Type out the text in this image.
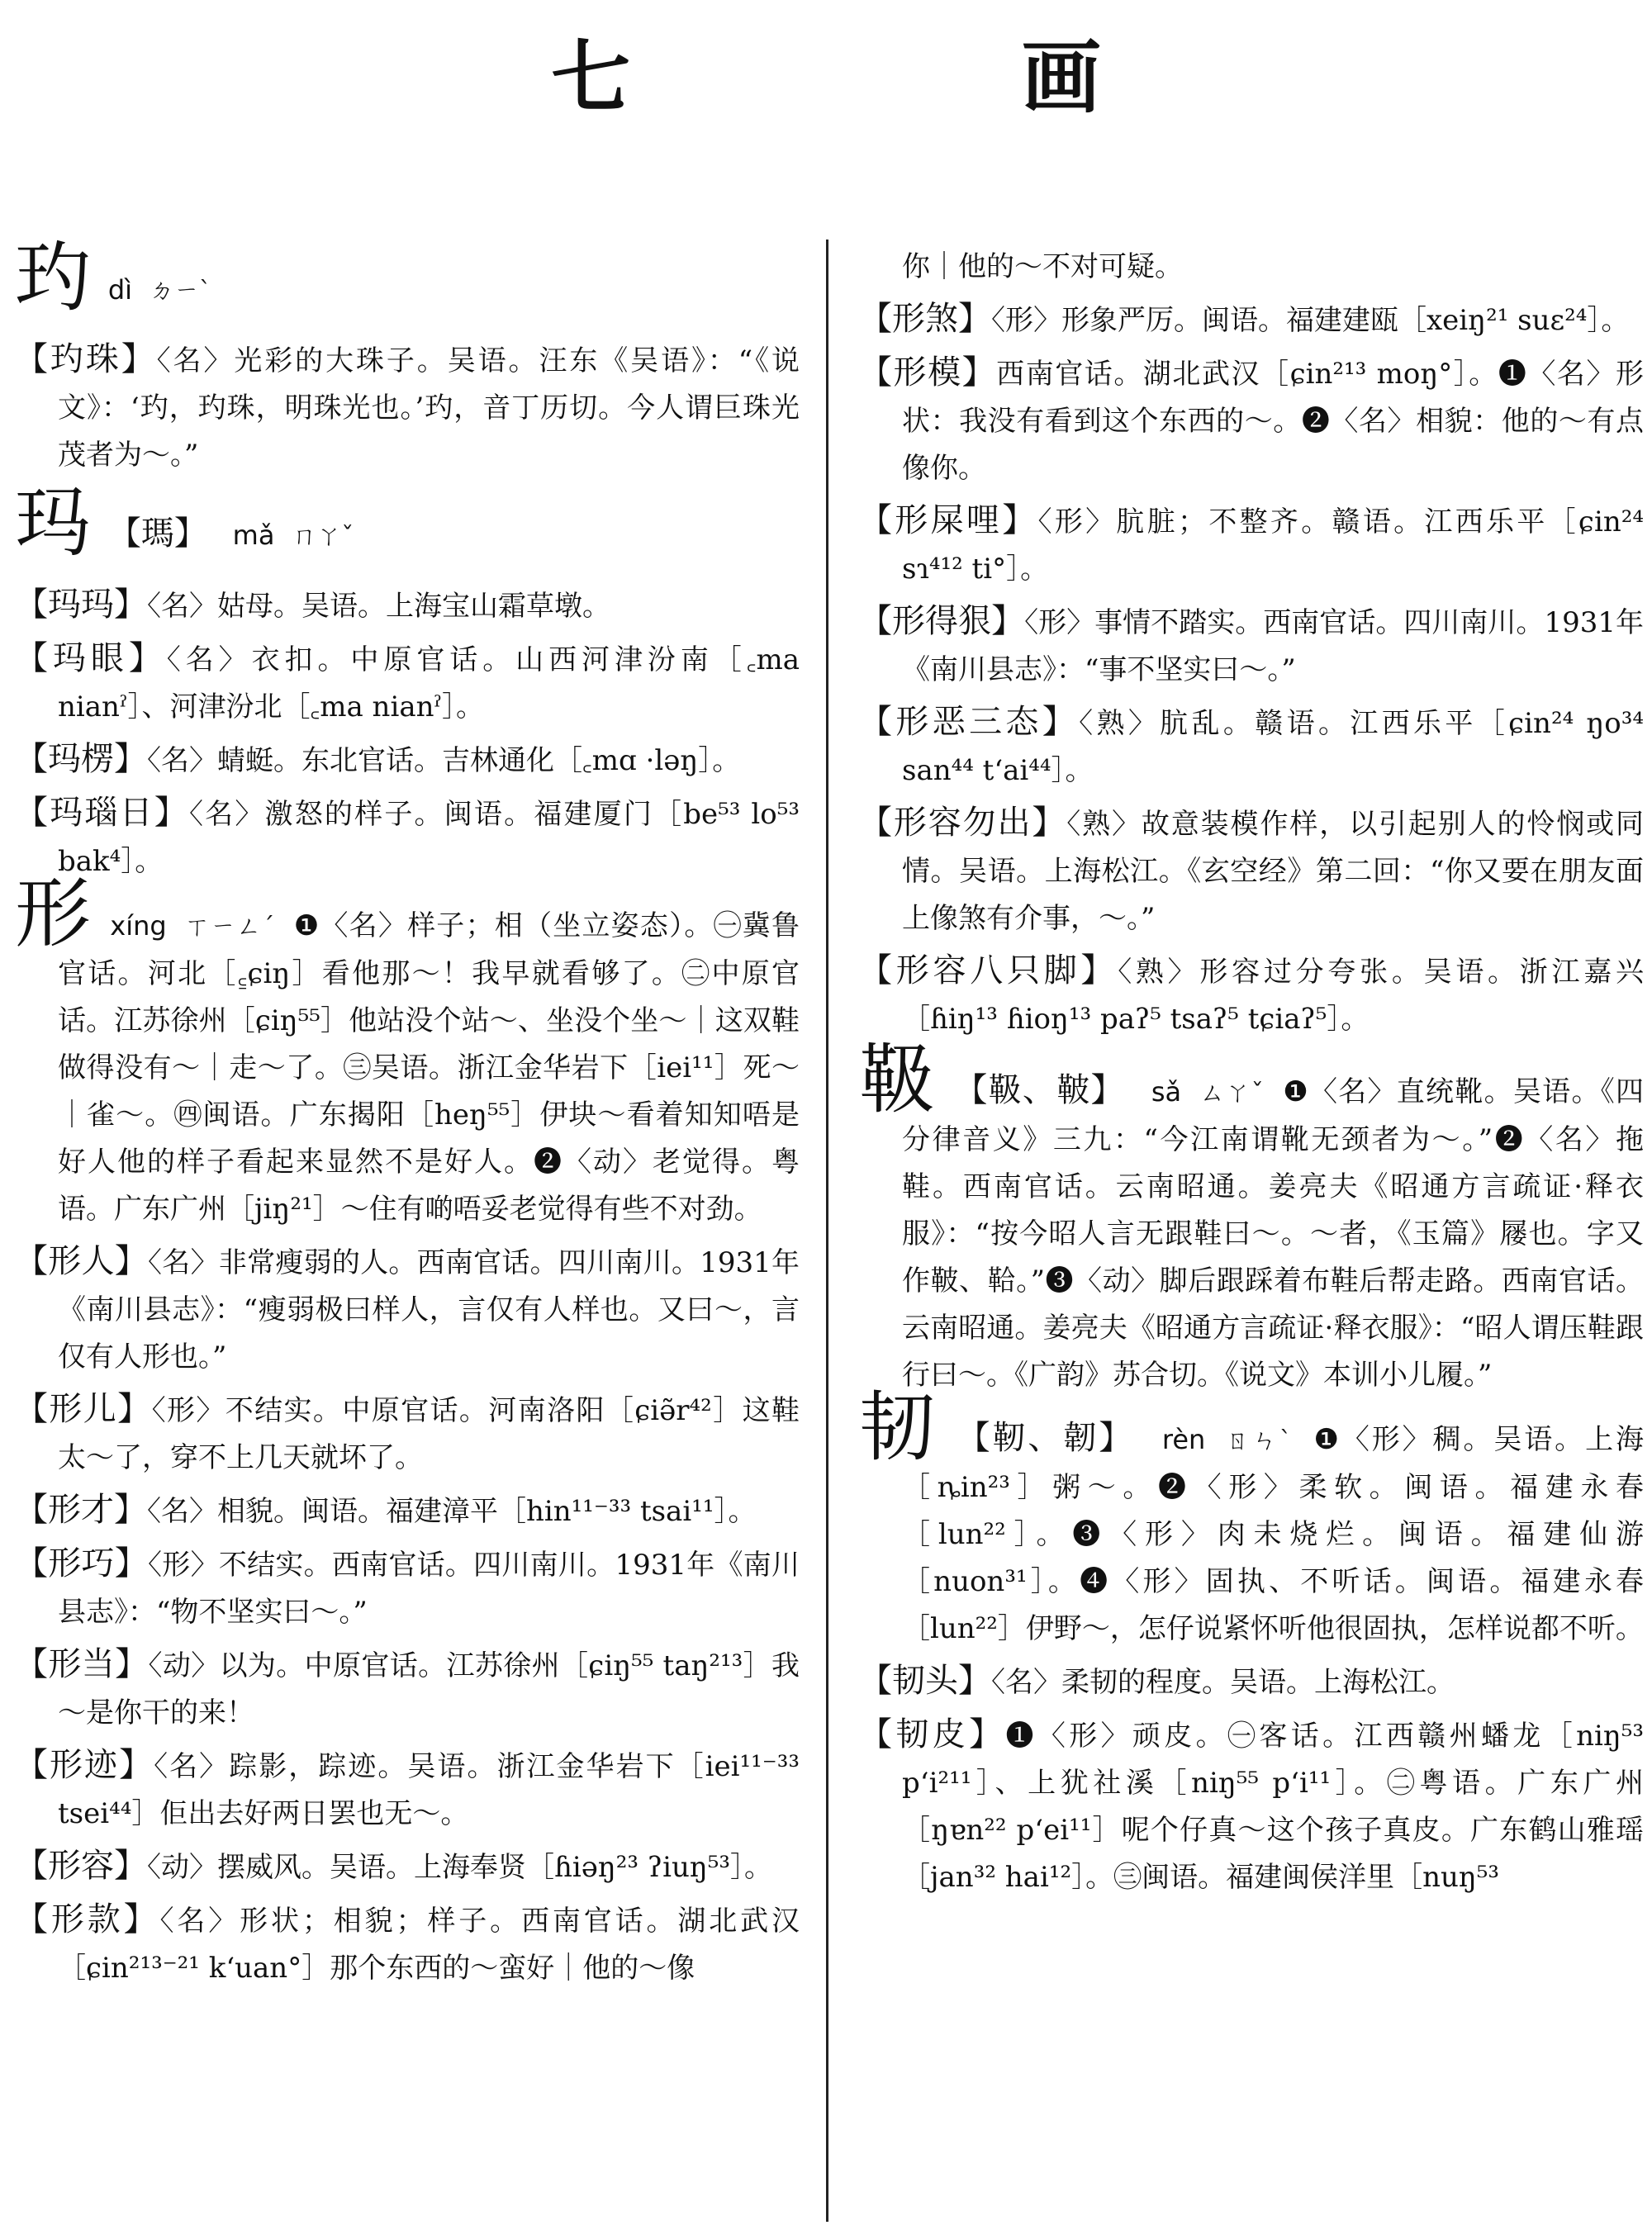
七 画
玓 dì ㄉㄧˋ
【玓珠】〈名〉光彩的大珠子。吴语。汪东《吴语》：“《说文》：‘玓，玓珠，明珠光也。’玓，音丁历切。今人谓巨珠光茂者为～。”
玛 【瑪】 mǎ ㄇㄚˇ
【玛玛】〈名〉姑母。吴语。上海宝山霜草墩。
【玛眼】〈名〉衣扣。中原官话。山西河津汾南［꜀ma nianˀ］、河津汾北［꜀ma nianˀ］。
【玛楞】〈名〉蜻蜓。东北官话。吉林通化［꜀mɑ ·ləŋ］。
【玛瑙日】〈名〉激怒的样子。闽语。福建厦门［be⁵³ lo⁵³ bak⁴］。
形 xíng ㄒㄧㄥˊ ❶〈名〉样子；相（坐立姿态）。㊀冀鲁官话。河北［꜁ɕiŋ］看他那～！我早就看够了。㊁中原官话。江苏徐州［ɕiŋ⁵⁵］他站没个站～、坐没个坐～｜这双鞋做得没有～｜走～了。㊂吴语。浙江金华岩下［iei¹¹］死～｜雀～。㊃闽语。广东揭阳［heŋ⁵⁵］伊块～看着知知唔是好人他的样子看起来显然不是好人。❷〈动〉老觉得。粤语。广东广州［jiŋ²¹］～住有啲唔妥老觉得有些不对劲。
【形人】〈名〉非常瘦弱的人。西南官话。四川南川。1931年《南川县志》：“瘦弱极曰样人，言仅有人样也。又曰～，言仅有人形也。”
【形儿】〈形〉不结实。中原官话。河南洛阳［ɕiə̃r⁴²］这鞋太～了，穿不上几天就坏了。
【形才】〈名〉相貌。闽语。福建漳平［hin¹¹⁻³³ tsai¹¹］。
【形巧】〈形〉不结实。西南官话。四川南川。1931年《南川县志》：“物不坚实曰～。”
【形当】〈动〉以为。中原官话。江苏徐州［ɕiŋ⁵⁵ taŋ²¹³］我～是你干的来！
【形迹】〈名〉踪影，踪迹。吴语。浙江金华岩下［iei¹¹⁻³³ tsei⁴⁴］佢出去好两日罢也无～。
【形容】〈动〉摆威风。吴语。上海奉贤［ɦiəŋ²³ ʔiuŋ⁵³］。
【形款】〈名〉形状；相貌；样子。西南官话。湖北武汉［ɕin²¹³⁻²¹ k‘uan°］那个东西的～蛮好｜他的～像
你｜他的～不对可疑。
【形煞】〈形〉形象严厉。闽语。福建建瓯［xeiŋ²¹ suɛ²⁴］。
【形模】西南官话。湖北武汉［ɕin²¹³ moŋ°］。❶〈名〉形状：我没有看到这个东西的～。❷〈名〉相貌：他的～有点像你。
【形屎哩】〈形〉肮脏；不整齐。赣语。江西乐平［ɕin²⁴ sɿ⁴¹² ti°］。
【形得狠】〈形〉事情不踏实。西南官话。四川南川。1931年《南川县志》：“事不坚实曰～。”
【形恶三态】〈熟〉肮乱。赣语。江西乐平［ɕin²⁴ ŋo³⁴ san⁴⁴ t‘ai⁴⁴］。
【形容勿出】〈熟〉故意装模作样，以引起别人的怜悯或同情。吴语。上海松江。《玄空经》第二回：“你又要在朋友面上像煞有介事，～。”
【形容八只脚】〈熟〉形容过分夸张。吴语。浙江嘉兴［ɦiŋ¹³ ɦioŋ¹³ paʔ⁵ tsaʔ⁵ tɕiaʔ⁵］。
靸 【靸、鞁】 sǎ ㄙㄚˇ ❶〈名〉直统靴。吴语。《四分律音义》三九：“今江南谓靴无颈者为～。”❷〈名〉拖鞋。西南官话。云南昭通。姜亮夫《昭通方言疏证·释衣服》：“按今昭人言无跟鞋曰～。～者，《玉篇》屦也。字又作鞁、鞈。”❸〈动〉脚后跟踩着布鞋后帮走路。西南官话。云南昭通。姜亮夫《昭通方言疏证·释衣服》：“昭人谓压鞋跟行曰～。《广韵》苏合切。《说文》本训小儿履。”
韧 【靭、韌】 rèn ㄖㄣˋ ❶〈形〉稠。吴语。上海［ȵin²³］粥～。❷〈形〉柔软。闽语。福建永春［lun²²］。❸〈形〉肉未烧烂。闽语。福建仙游［nuon³¹］。❹〈形〉固执、不听话。闽语。福建永春［lun²²］伊野～，怎仔说紧怀听他很固执，怎样说都不听。
【韧头】〈名〉柔韧的程度。吴语。上海松江。
【韧皮】❶〈形〉顽皮。㊀客话。江西赣州蟠龙［niŋ⁵³ p‘i²¹¹］、上犹社溪［niŋ⁵⁵ p‘i¹¹］。㊁粤语。广东广州［ŋɐn²² p‘ei¹¹］呢个仔真～这个孩子真皮。广东鹤山雅瑶［jan³² hai¹²］。㊂闽语。福建闽侯洋里［nuŋ⁵³
